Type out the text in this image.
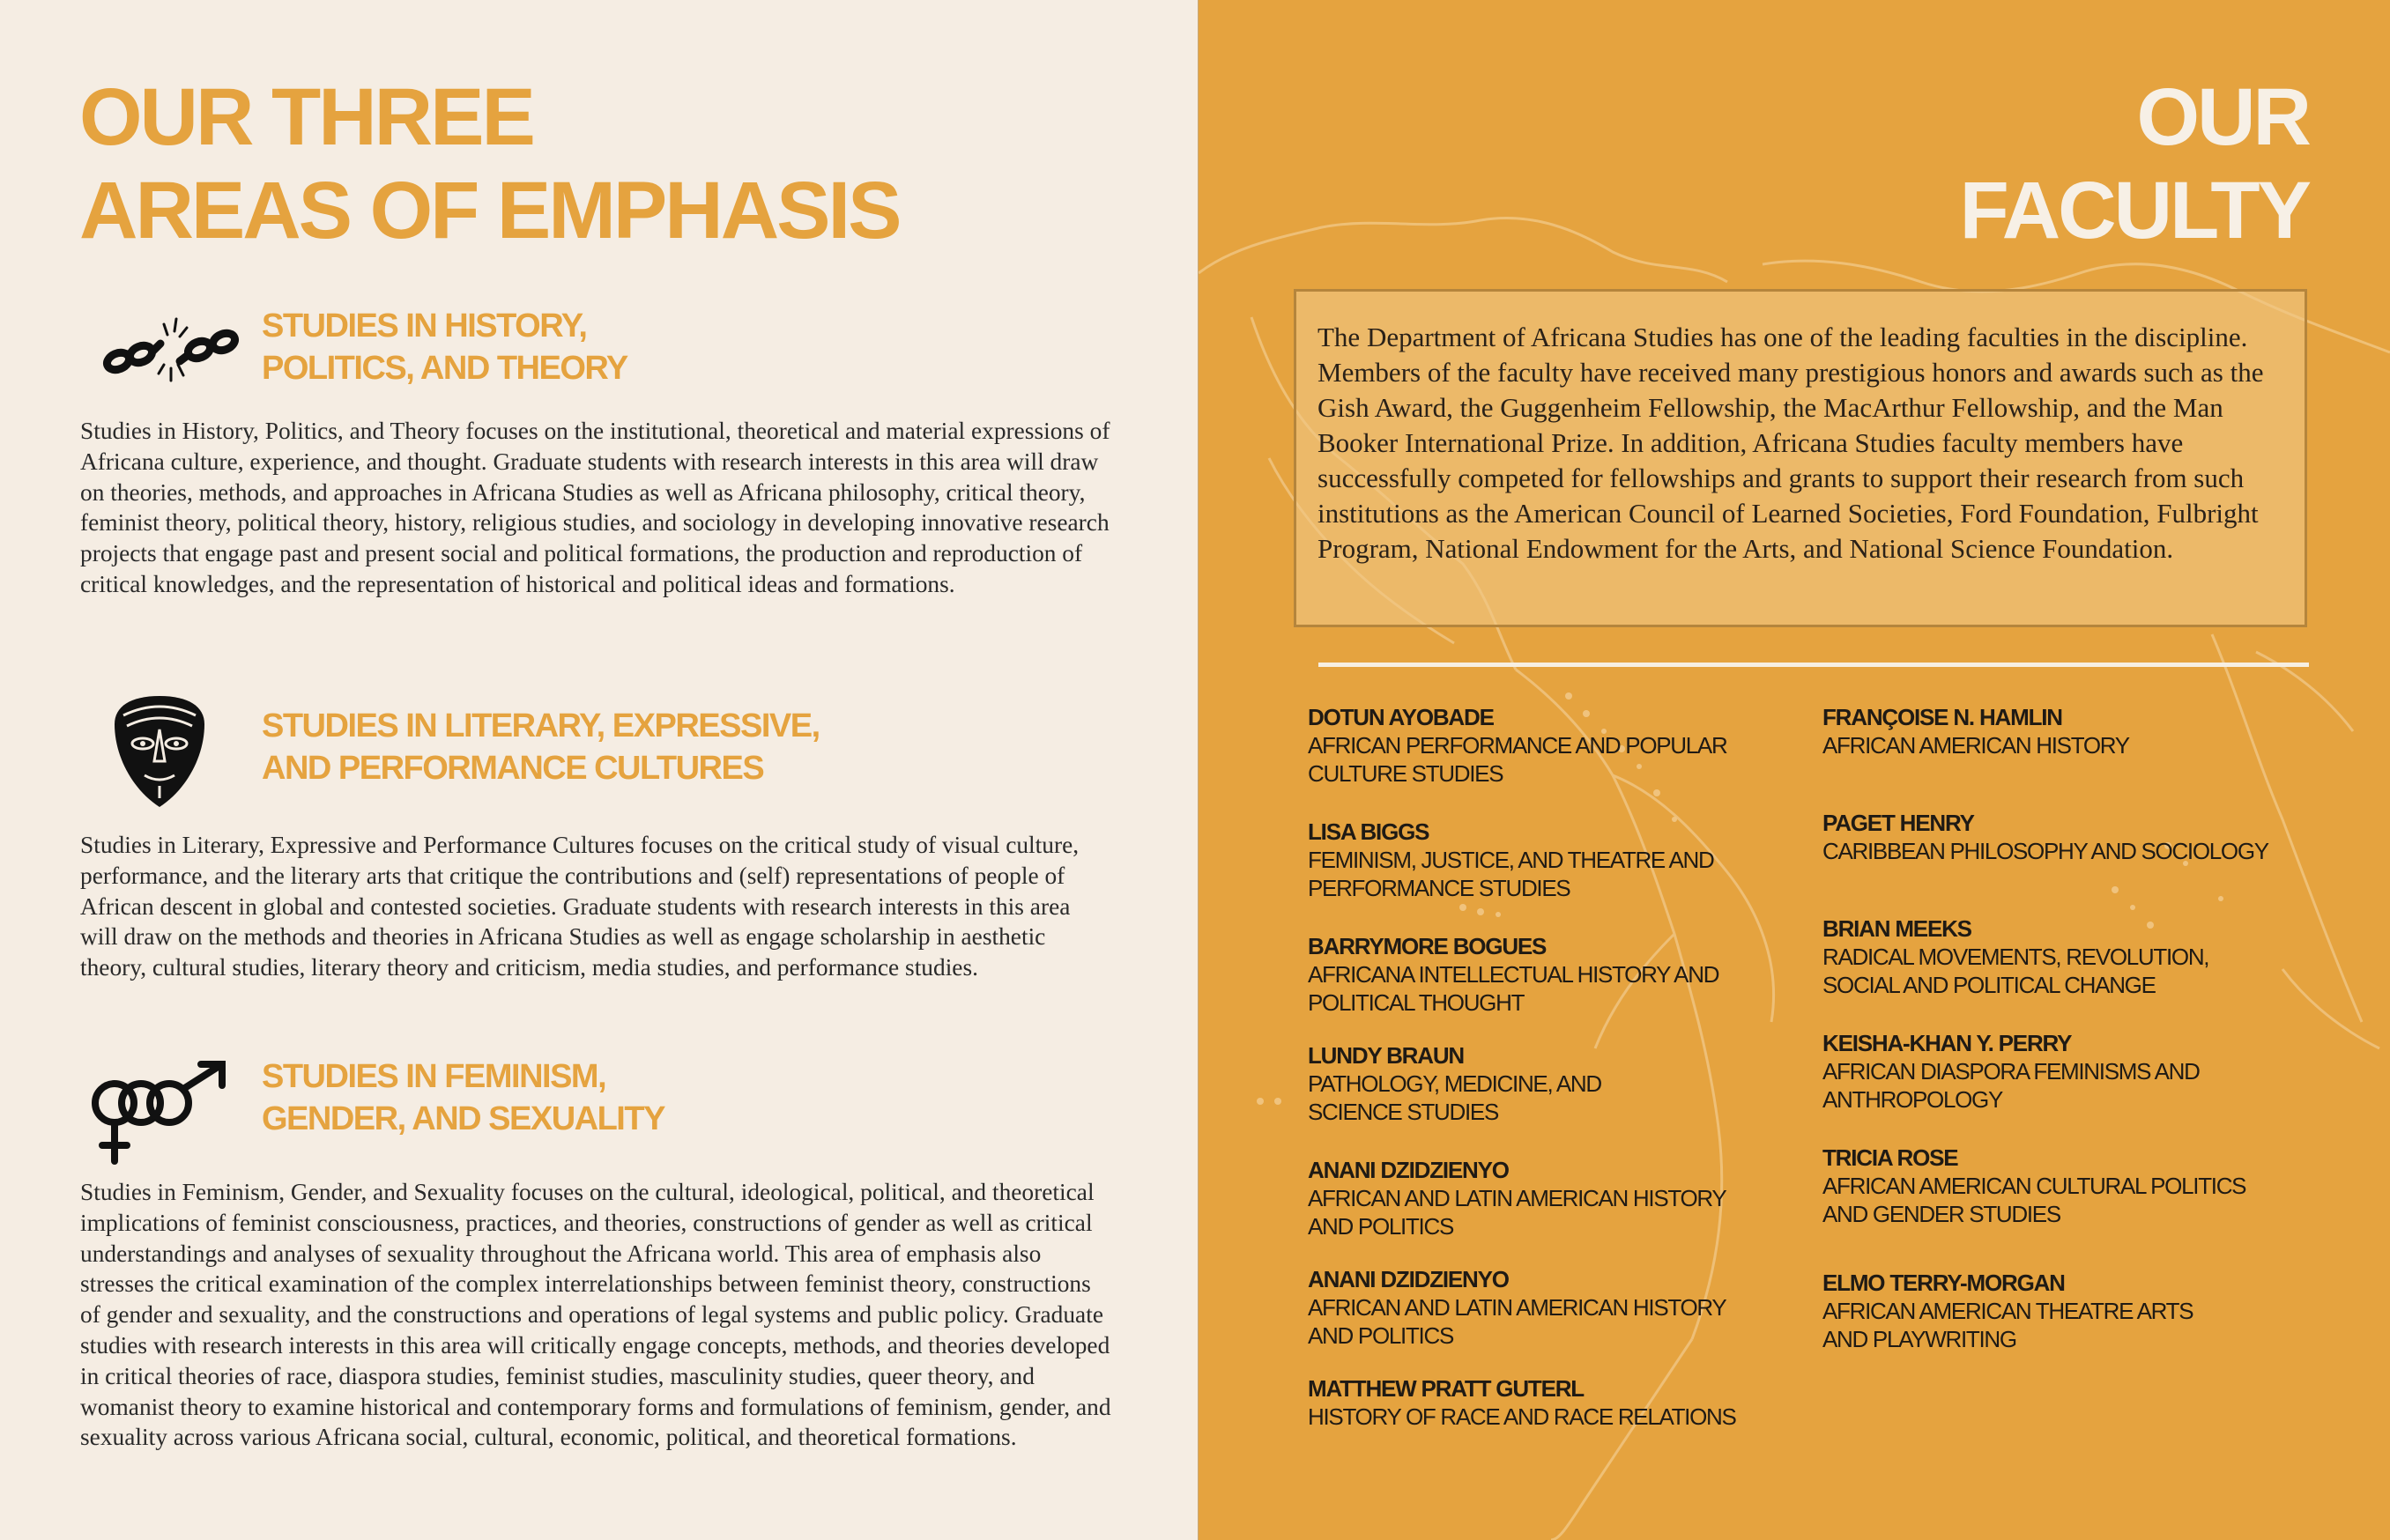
OUR THREE
AREAS OF EMPHASIS
STUDIES IN HISTORY,
POLITICS, AND THEORY

Studies in History, Politics, and Theory focuses on the institutional, theoretical and material expressions of Africana culture, experience, and thought. Graduate students with research interests in this area will draw on theories, methods, and approaches in Africana Studies as well as Africana philosophy, critical theory, feminist theory, political theory, history, religious studies, and sociology in developing innovative research projects that engage past and present social and political formations, the production and reproduction of critical knowledges, and the representation of historical and political ideas and formations.

STUDIES IN LITERARY, EXPRESSIVE,
AND PERFORMANCE CULTURES

Studies in Literary, Expressive and Performance Cultures focuses on the critical study of visual culture, performance, and the literary arts that critique the contributions and (self) representations of people of African descent in global and contested societies. Graduate students with research interests in this area will draw on the methods and theories in Africana Studies as well as engage scholarship in aesthetic theory, cultural studies, literary theory and criticism, media studies, and performance studies.

STUDIES IN FEMINISM,
GENDER, AND SEXUALITY

Studies in Feminism, Gender, and Sexuality focuses on the cultural, ideological, political, and theoretical implications of feminist consciousness, practices, and theories, constructions of gender as well as critical understandings and analyses of sexuality throughout the Africana world. This area of emphasis also stresses the critical examination of the complex interrelationships between feminist theory, constructions of gender and sexuality, and the constructions and operations of legal systems and public policy. Graduate studies with research interests in this area will critically engage concepts, methods, and theories developed in critical theories of race, diaspora studies, feminist studies, masculinity studies, queer theory, and womanist theory to examine historical and contemporary forms and formulations of feminism, gender, and sexuality across various Africana social, cultural, economic, political, and theoretical formations.

OUR
FACULTY

The Department of Africana Studies has one of the leading faculties in the discipline. Members of the faculty have received many prestigious honors and awards such as the Gish Award, the Guggenheim Fellowship, the MacArthur Fellowship, and the Man Booker International Prize. In addition, Africana Studies faculty members have successfully competed for fellowships and grants to support their research from such institutions as the American Council of Learned Societies, Ford Foundation, Fulbright Program, National Endowment for the Arts, and National Science Foundation.

DOTUN AYOBADE
AFRICAN PERFORMANCE AND POPULAR
CULTURE STUDIES
LISA BIGGS
FEMINISM, JUSTICE, AND THEATRE AND
PERFORMANCE STUDIES
BARRYMORE BOGUES
AFRICANA INTELLECTUAL HISTORY AND
POLITICAL THOUGHT
LUNDY BRAUN
PATHOLOGY, MEDICINE, AND
SCIENCE STUDIES
ANANI DZIDZIENYO
AFRICAN AND LATIN AMERICAN HISTORY
AND POLITICS
ANANI DZIDZIENYO
AFRICAN AND LATIN AMERICAN HISTORY
AND POLITICS
MATTHEW PRATT GUTERL
HISTORY OF RACE AND RACE RELATIONS
FRANÇOISE N. HAMLIN
AFRICAN AMERICAN HISTORY
PAGET HENRY
CARIBBEAN PHILOSOPHY AND SOCIOLOGY
BRIAN MEEKS
RADICAL MOVEMENTS, REVOLUTION,
SOCIAL AND POLITICAL CHANGE
KEISHA-KHAN Y. PERRY
AFRICAN DIASPORA FEMINISMS AND
ANTHROPOLOGY
TRICIA ROSE
AFRICAN AMERICAN CULTURAL POLITICS
AND GENDER STUDIES
ELMO TERRY-MORGAN
AFRICAN AMERICAN THEATRE ARTS
AND PLAYWRITING
